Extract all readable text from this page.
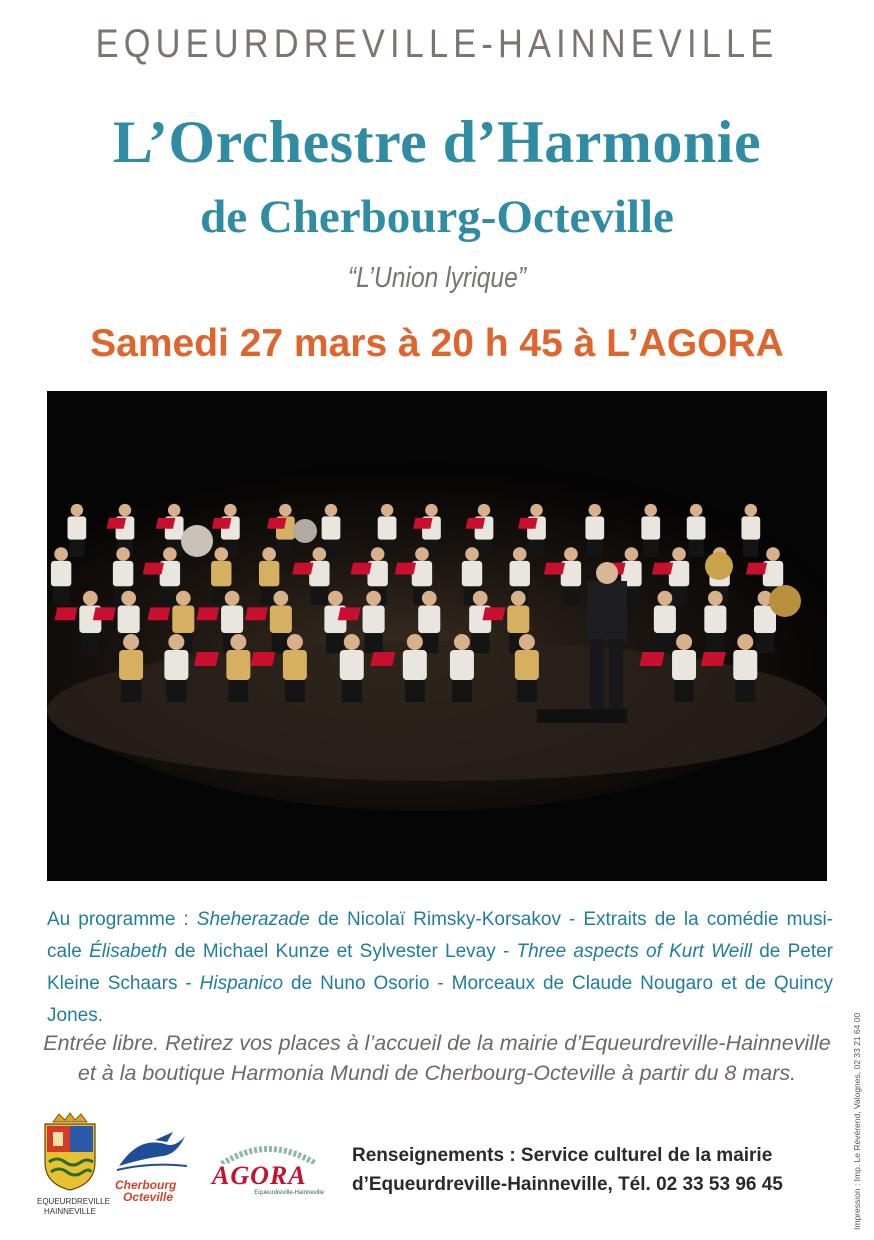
EQUEURDREVILLE-HAINNEVILLE
L’Orchestre d’Harmonie
de Cherbourg-Octeville
“L’Union lyrique”
Samedi 27 mars à 20 h 45 à L’AGORA
Au programme : Sheherazade de Nicolaï Rimsky-Korsakov - Extraits de la comédie musi-cale Élisabeth de Michael Kunze et Sylvester Levay - Three aspects of Kurt Weill de Peter Kleine Schaars - Hispanico de Nuno Osorio - Morceaux de Claude Nougaro et de Quincy Jones.
Entrée libre. Retirez vos places à l’accueil de la mairie d’Equeurdreville-Hainneville
et à la boutique Harmonia Mundi de Cherbourg-Octeville à partir du 8 mars.
EQUEURDREVILLE
HAINNEVILLE
Cherbourg
Octeville
AGORA
Equeurdreville-Hainneville
Renseignements : Service culturel de la mairie
d’Equeurdreville-Hainneville, Tél. 02 33 53 96 45	Impression : Imp. Le Révérend, Valognes, 02 33 21 64 00
